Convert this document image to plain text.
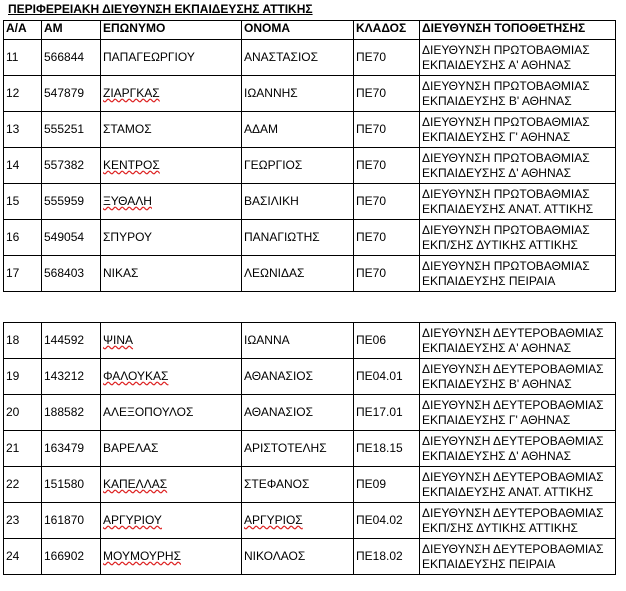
ΠΕΡΙΦΕΡΕΙΑΚΗ ΔΙΕΥΘΥΝΣΗ ΕΚΠΑΙΔΕΥΣΗΣ ΑΤΤΙΚΗΣ
Α/Α	ΑΜ	ΕΠΩΝΥΜΟ	ΟΝΟΜΑ	ΚΛΑΔΟΣ	ΔΙΕΥΘΥΝΣΗ ΤΟΠΟΘΕΤΗΣΗΣ
11	566844	ΠΑΠΑΓΕΩΡΓΙΟΥ	ΑΝΑΣΤΑΣΙΟΣ	ΠΕ70	ΔΙΕΥΘΥΝΣΗ ΠΡΩΤΟΒΑΘΜΙΑΣ
ΕΚΠΑΙΔΕΥΣΗΣ Α' ΑΘΗΝΑΣ

12	547879	ΖΙΑΡΓΚΑΣ	ΙΩΑΝΝΗΣ	ΠΕ70	ΔΙΕΥΘΥΝΣΗ ΠΡΩΤΟΒΑΘΜΙΑΣ
ΕΚΠΑΙΔΕΥΣΗΣ Β' ΑΘΗΝΑΣ

13	555251	ΣΤΑΜΟΣ	ΑΔΑΜ	ΠΕ70	ΔΙΕΥΘΥΝΣΗ ΠΡΩΤΟΒΑΘΜΙΑΣ
ΕΚΠΑΙΔΕΥΣΗΣ Γ' ΑΘΗΝΑΣ

14	557382	ΚΕΝΤΡΟΣ	ΓΕΩΡΓΙΟΣ	ΠΕ70	ΔΙΕΥΘΥΝΣΗ ΠΡΩΤΟΒΑΘΜΙΑΣ
ΕΚΠΑΙΔΕΥΣΗΣ Δ' ΑΘΗΝΑΣ

15	555959	ΞΥΘΑΛΗ	ΒΑΣΙΛΙΚΗ	ΠΕ70	ΔΙΕΥΘΥΝΣΗ ΠΡΩΤΟΒΑΘΜΙΑΣ
ΕΚΠΑΙΔΕΥΣΗΣ ΑΝΑΤ. ΑΤΤΙΚΗΣ

16	549054	ΣΠΥΡΟΥ	ΠΑΝΑΓΙΩΤΗΣ	ΠΕ70	ΔΙΕΥΘΥΝΣΗ ΠΡΩΤΟΒΑΘΜΙΑΣ
ΕΚΠ/ΣΗΣ ΔΥΤΙΚΗΣ ΑΤΤΙΚΗΣ

17	568403	ΝΙΚΑΣ	ΛΕΩΝΙΔΑΣ	ΠΕ70	ΔΙΕΥΘΥΝΣΗ ΠΡΩΤΟΒΑΘΜΙΑΣ
ΕΚΠΑΙΔΕΥΣΗΣ ΠΕΙΡΑΙΑ
18	144592	ΨΙΝΑ	ΙΩΑΝΝΑ	ΠΕ06	ΔΙΕΥΘΥΝΣΗ ΔΕΥΤΕΡΟΒΑΘΜΙΑΣ
ΕΚΠΑΙΔΕΥΣΗΣ Α' ΑΘΗΝΑΣ

19	143212	ΦΑΛΟΥΚΑΣ	ΑΘΑΝΑΣΙΟΣ	ΠΕ04.01	ΔΙΕΥΘΥΝΣΗ ΔΕΥΤΕΡΟΒΑΘΜΙΑΣ
ΕΚΠΑΙΔΕΥΣΗΣ Β' ΑΘΗΝΑΣ

20	188582	ΑΛΕΞΟΠΟΥΛΟΣ	ΑΘΑΝΑΣΙΟΣ	ΠΕ17.01	ΔΙΕΥΘΥΝΣΗ ΔΕΥΤΕΡΟΒΑΘΜΙΑΣ
ΕΚΠΑΙΔΕΥΣΗΣ Γ' ΑΘΗΝΑΣ

21	163479	ΒΑΡΕΛΑΣ	ΑΡΙΣΤΟΤΕΛΗΣ	ΠΕ18.15	ΔΙΕΥΘΥΝΣΗ ΔΕΥΤΕΡΟΒΑΘΜΙΑΣ
ΕΚΠΑΙΔΕΥΣΗΣ Δ' ΑΘΗΝΑΣ

22	151580	ΚΑΠΕΛΛΑΣ	ΣΤΕΦΑΝΟΣ	ΠΕ09	ΔΙΕΥΘΥΝΣΗ ΔΕΥΤΕΡΟΒΑΘΜΙΑΣ
ΕΚΠΑΙΔΕΥΣΗΣ ΑΝΑΤ. ΑΤΤΙΚΗΣ

23	161870	ΑΡΓΥΡΙΟΥ	ΑΡΓΥΡΙΟΣ	ΠΕ04.02	ΔΙΕΥΘΥΝΣΗ ΔΕΥΤΕΡΟΒΑΘΜΙΑΣ
ΕΚΠ/ΣΗΣ ΔΥΤΙΚΗΣ ΑΤΤΙΚΗΣ

24	166902	ΜΟΥΜΟΥΡΗΣ	ΝΙΚΟΛΑΟΣ	ΠΕ18.02	ΔΙΕΥΘΥΝΣΗ ΔΕΥΤΕΡΟΒΑΘΜΙΑΣ
ΕΚΠΑΙΔΕΥΣΗΣ ΠΕΙΡΑΙΑ
